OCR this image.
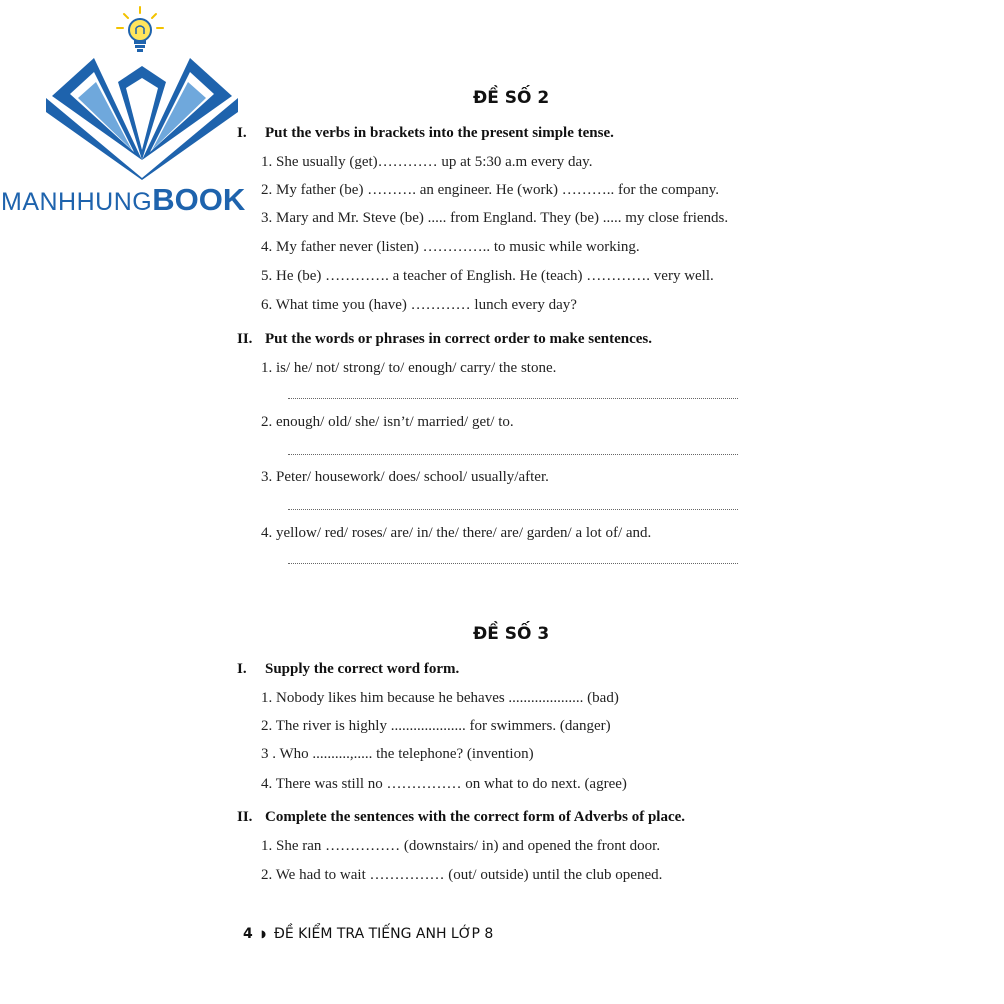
MANHHUNGBOOK
ĐỀ SỐ 2
I. Put the verbs in brackets into the present simple tense.
1. She usually (get)………… up at 5:30 a.m every day.
2. My father (be) ………. an engineer. He (work) ……….. for the company.
3. Mary and Mr. Steve (be) ..... from England. They (be) ..... my close friends.
4. My father never (listen) ………….. to music while working.
5. He (be) …………. a teacher of English. He (teach) …………. very well.
6. What time you (have) ………… lunch every day?
II. Put the words or phrases in correct order to make sentences.
1. is/ he/ not/ strong/ to/ enough/ carry/ the stone.
2. enough/ old/ she/ isn’t/ married/ get/ to.
3. Peter/ housework/ does/ school/ usually/after.
4. yellow/ red/ roses/ are/ in/ the/ there/ are/ garden/ a lot of/ and.
ĐỀ SỐ 3
I. Supply the correct word form.
1. Nobody likes him because he behaves .................... (bad)
2. The river is highly .................... for swimmers. (danger)
3 . Who ..........,..... the telephone? (invention)
4. There was still no …………… on what to do next. (agree)
II. Complete the sentences with the correct form of Adverbs of place.
1. She ran …………… (downstairs/ in) and opened the front door.
2. We had to wait …………… (out/ outside) until the club opened.
4 ◗ ĐỀ KIỂM TRA TIẾNG ANH LỚP 8
